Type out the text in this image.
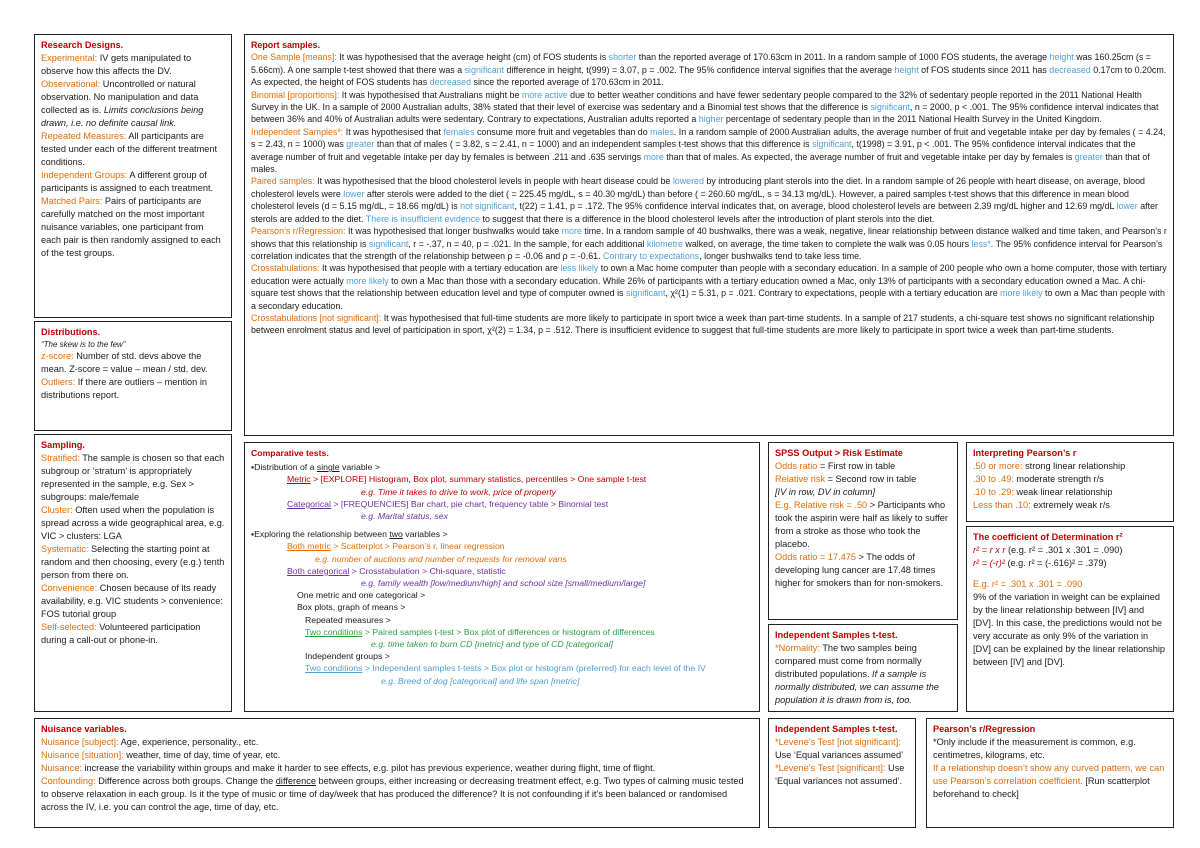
Research Designs.

Experimental: IV gets manipulated to observe how this affects the DV.

Observational: Uncontrolled or natural observation. No manipulation and data collected as is. Limits conclusions being drawn, i.e. no definite causal link.

Repeated Measures: All participants are tested under each of the different treatment conditions.

Independent Groups: A different group of participants is assigned to each treatment.

Matched Pairs: Pairs of participants are carefully matched on the most important nuisance variables, one participant from each pair is then randomly assigned to each of the test groups.

Distributions.

“The skew is to the few”

z-score: Number of std. devs above the mean. Z-score = value – mean / std. dev.

Outliers: If there are outliers – mention in distributions report.

Sampling.

Stratified: The sample is chosen so that each subgroup or ‘stratum’ is appropriately represented in the sample, e.g. Sex > subgroups: male/female

Cluster: Often used when the population is spread across a wide geographical area, e.g. VIC > clusters: LGA

Systematic: Selecting the starting point at random and then choosing, every (e.g.) tenth person from there on.

Convenience: Chosen because of its ready availability, e.g. VIC students > convenience: FOS tutorial group

Self-selected: Volunteered participation during a call-out or phone-in.

Report samples.

One Sample [means]: It was hypothesised that the average height (cm) of FOS students is shorter than the reported average of 170.63cm in 2011. In a random sample of 1000 FOS students, the average height was 160.25cm (s = 5.66cm). A one sample t-test showed that there was a significant difference in height, t(999) = 3.07, p = .002. The 95% confidence interval signifies that the average height of FOS students since 2011 has decreased 0.17cm to 0.20cm. As expected, the height of FOS students has decreased since the reported average of 170.63cm in 2011.

Binomial [proportions]: It was hypothesised that Australians might be more active due to better weather conditions and have fewer sedentary people compared to the 32% of sedentary people reported in the 2011 National Health Survey in the UK. In a sample of 2000 Australian adults, 38% stated that their level of exercise was sedentary and a Binomial test shows that the difference is significant, n = 2000, p < .001. The 95% confidence interval indicates that between 36% and 40% of Australian adults were sedentary. Contrary to expectations, Australian adults reported a higher percentage of sedentary people than in the 2011 National Health Survey in the United Kingdom.

Independent Samples*: It was hypothesised that females consume more fruit and vegetables than do males. In a random sample of 2000 Australian adults, the average number of fruit and vegetable intake per day by females ( = 4.24, s = 2.43, n = 1000) was greater than that of males ( = 3.82, s = 2.41, n = 1000) and an independent samples t-test shows that this difference is significant, t(1998) = 3.91, p < .001. The 95% confidence interval indicates that the average number of fruit and vegetable intake per day by females is between .211 and .635 servings more than that of males. As expected, the average number of fruit and vegetable intake per day by females is greater than that of males.

Paired samples: It was hypothesised that the blood cholesterol levels in people with heart disease could be lowered by introducing plant sterols into the diet. In a random sample of 26 people with heart disease, on average, blood cholesterol levels were lower after sterols were added to the diet ( = 225.45 mg/dL, s = 40.30 mg/dL) than before ( = 260.60 mg/dL, s = 34.13 mg/dL). However, a paired samples t-test shows that this difference in mean blood cholesterol levels (d = 5.15 mg/dL, = 18.66 mg/dL) is not significant, t(22) = 1.41, p = .172. The 95% confidence interval indicates that, on average, blood cholesterol levels are between 2.39 mg/dL higher and 12.69 mg/dL lower after sterols are added to the diet. There is insufficient evidence to suggest that there is a difference in the blood cholesterol levels after the introduction of plant sterols into the diet.

Pearson’s r/Regression: It was hypothesised that longer bushwalks would take more time. In a random sample of 40 bushwalks, there was a weak, negative, linear relationship between distance walked and time taken, and Pearson’s r shows that this relationship is significant, r = -.37, n = 40, p = .021. In the sample, for each additional kilometre walked, on average, the time taken to complete the walk was 0.05 hours less*. The 95% confidence interval for Pearson’s correlation indicates that the strength of the relationship between ρ = -0.06 and ρ = -0.61. Contrary to expectations, longer bushwalks tend to take less time.

Crosstabulations: It was hypothesised that people with a tertiary education are less likely to own a Mac home computer than people with a secondary education. In a sample of 200 people who own a home computer, those with tertiary education were actually more likely to own a Mac than those with a secondary education. While 26% of participants with a tertiary education owned a Mac, only 13% of participants with a secondary education owned a Mac. A chi-square test shows that the relationship between education level and type of computer owned is significant, χ²(1) = 5.31, p = .021. Contrary to expectations, people with a tertiary education are more likely to own a Mac than people with a secondary education.

Crosstabulations [not significant]: It was hypothesised that full-time students are more likely to participate in sport twice a week than part-time students. In a sample of 217 students, a chi-square test shows no significant relationship between enrolment status and level of participation in sport, χ²(2) = 1.34, p = .512. There is insufficient evidence to suggest that full-time students are more likely to participate in sport twice a week than part-time students.

Comparative tests.

▪Distribution of a single variable >

Metric > [EXPLORE] Histogram, Box plot, summary statistics, percentiles > One sample t-test

e.g. Time it takes to drive to work, price of property

Categorical > [FREQUENCIES] Bar chart, pie chart, frequency table > Binomial test

e.g. Marital status, sex

▪Exploring the relationship between two variables >

Both metric > Scatterplot > Pearson’s r, linear regression

e.g. number of auctions and number of requests for removal vans

Both categorical > Crosstabulation > Chi-square, statistic

e.g. family wealth [low/medium/high] and school size [small/medium/large]

One metric and one categorical >

Box plots, graph of means >

Repeated measures >

Two conditions > Paired samples t-test > Box plot of differences or histogram of differences

e.g. time taken to burn CD [metric] and type of CD [categorical]

Independent groups >

Two conditions > Independent samples t-tests > Box plot or histogram (preferred) for each level of the IV

e.g. Breed of dog [categorical] and life span [metric]

SPSS Output > Risk Estimate

Odds ratio = First row in table

Relative risk = Second row in table

[IV in row, DV in column]

E.g. Relative risk = .50 > Participants who took the aspirin were half as likely to suffer from a stroke as those who took the placebo.

Odds ratio = 17.475 > The odds of developing lung cancer are 17.48 times higher for smokers than for non-smokers.

Independent Samples t-test.

*Normality: The two samples being compared must come from normally distributed populations. If a sample is normally distributed, we can assume the population it is drawn from is, too.

Interpreting Pearson’s r

.50 or more: strong linear relationship

.30 to .49: moderate strength r/s

.10 to .29: weak linear relationship

Less than .10: extremely weak r/s

The coefficient of Determination r²

r² = r x r (e.g. r² = .301 x .301 = .090)

r² = (-r)² (e.g. r² = (-.616)² = .379)

E.g. r² = .301 x .301 = .090

9% of the variation in weight can be explained by the linear relationship between [IV] and [DV]. In this case, the predictions would not be very accurate as only 9% of the variation in [DV] can be explained by the linear relationship between [IV] and [DV].

Nuisance variables.

Nuisance [subject]: Age, experience, personality., etc.

Nuisance [situation]: weather, time of day, time of year, etc.

Nuisance: increase the variability within groups and make it harder to see effects, e.g. pilot has previous experience, weather during flight, time of flight.

Confounding: Difference across both groups. Change the difference between groups, either increasing or decreasing treatment effect, e.g. Two types of calming music tested to observe relaxation in each group. Is it the type of music or time of day/week that has produced the difference? It is not confounding if it’s been balanced or randomised across the IV, i.e. you can control the age, time of day, etc.

Independent Samples t-test.

*Levene’s Test [not significant]: Use ‘Equal variances assumed’

*Levene’s Test [significant]: Use ‘Equal variances not assumed’.

Pearson’s r/Regression

*Only include if the measurement is common, e.g. centimetres, kilograms, etc.

If a relationship doesn’t show any curved pattern, we can use Pearson’s correlation coefficient. [Run scatterplot beforehand to check]
